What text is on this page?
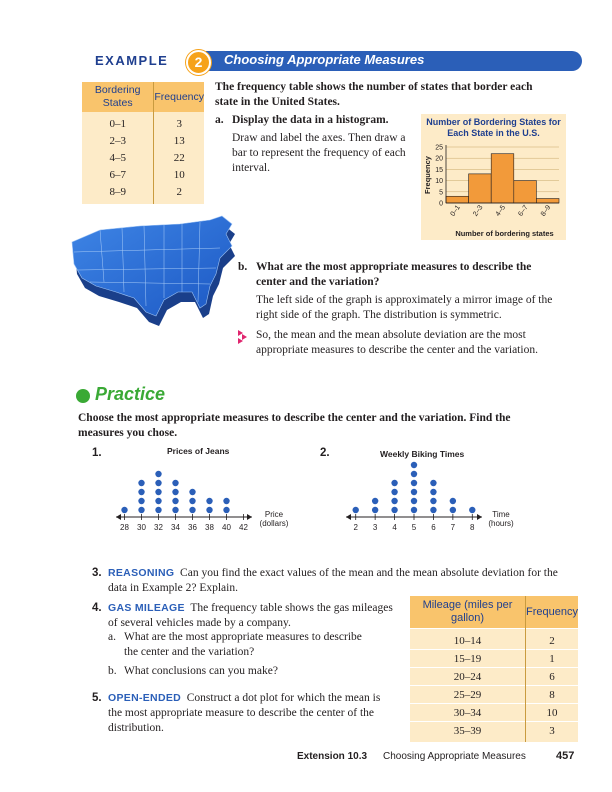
EXAMPLE	2	Choosing Appropriate Measures
Bordering States	Frequency
0–1	3
2–3	13
4–5	22
6–7	10
8–9	2
The frequency table shows the number of states that border each state in the United States.
a. Display the data in a histogram.
Draw and label the axes. Then draw a bar to represent the frequency of each interval.
Number of Bordering States for Each State in the U.S.
0
5
10
15
20
25
0–1 2–3 4–5 6–7 8–9
Number of bordering states
Frequency
b. What are the most appropriate measures to describe the center and the variation?
The left side of the graph is approximately a mirror image of the right side of the graph. The distribution is symmetric.
So, the mean and the mean absolute deviation are the most appropriate measures to describe the center and the variation.
Practice
Choose the most appropriate measures to describe the center and the variation. Find the measures you chose.
1.	Prices of Jeans
28 30 32 34 36 38 40 42
Price
(dollars)
2.	Weekly Biking Times
2 3 4 5 6 7 8
Time
(hours)
3. REASONING Can you find the exact values of the mean and the mean absolute deviation for the data in Example 2? Explain.
4. GAS MILEAGE The frequency table shows the gas mileages of several vehicles made by a company.
a. What are the most appropriate measures to describe the center and the variation?
b. What conclusions can you make?
5. OPEN-ENDED Construct a dot plot for which the mean is the most appropriate measure to describe the center of the distribution.
Mileage (miles per gallon)	Frequency
10–14	2
15–19	1
20–24	6
25–29	8
30–34	10
35–39	3
Extension 10.3 Choosing Appropriate Measures	457
